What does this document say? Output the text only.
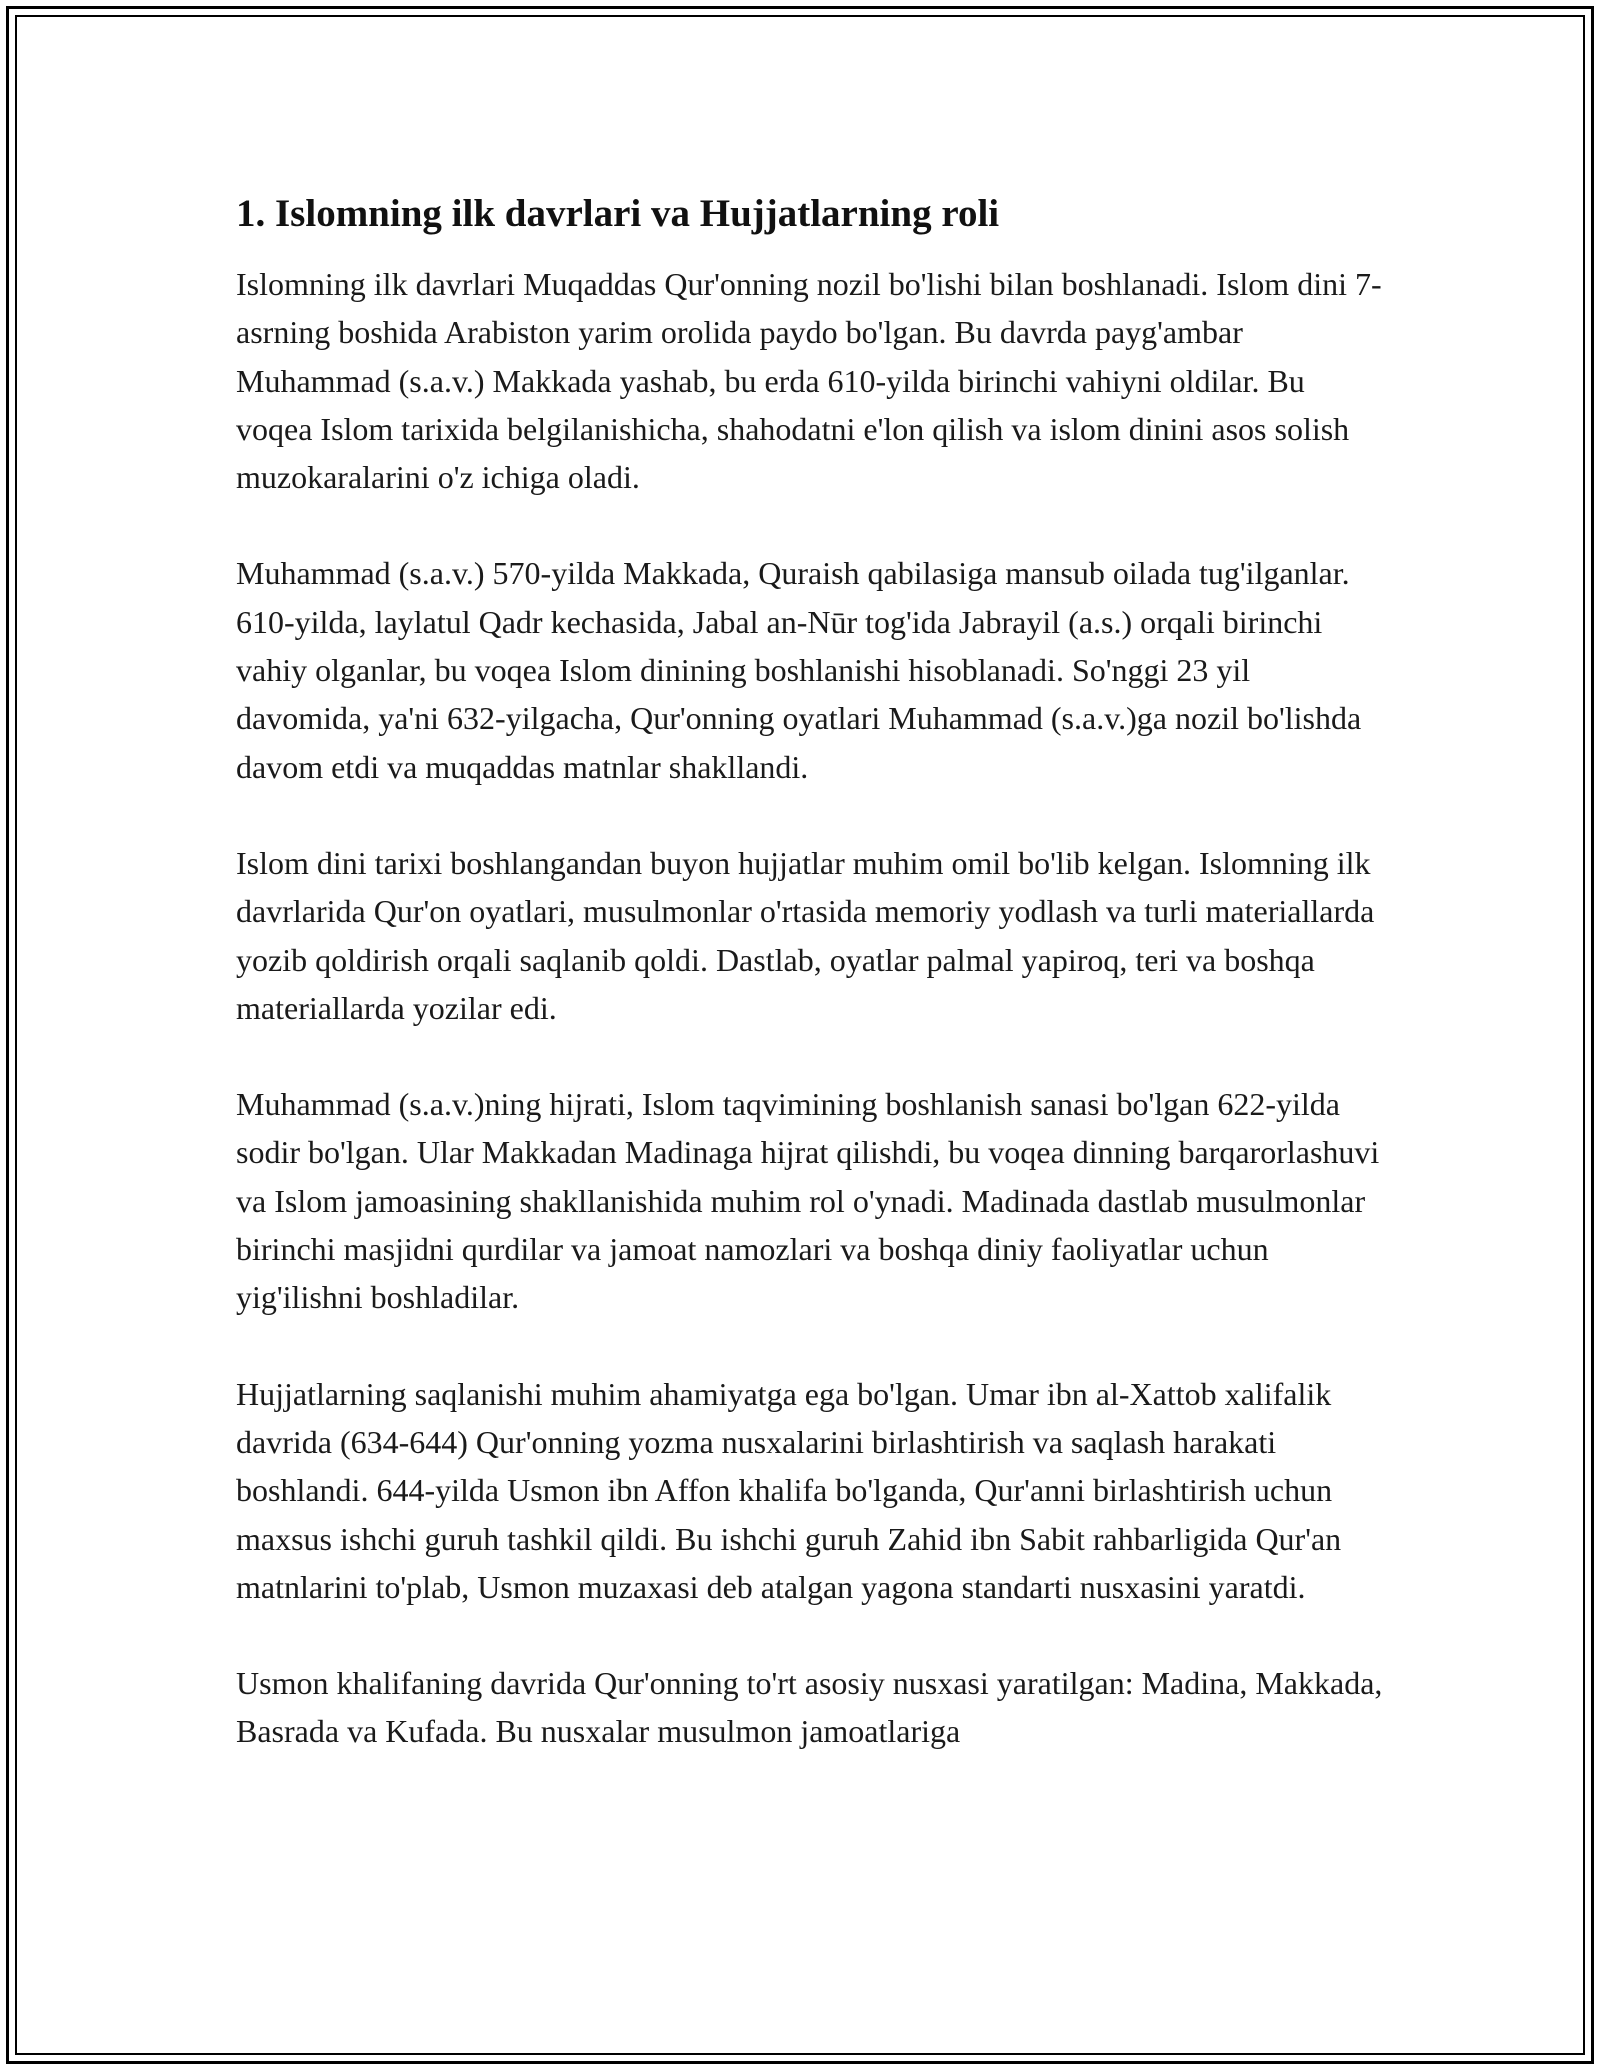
1. Islomning ilk davrlari va Hujjatlarning roli

Islomning ilk davrlari Muqaddas Qur'onning nozil bo'lishi bilan boshlanadi. Islom dini 7-asrning boshida Arabiston yarim orolida paydo bo'lgan. Bu davrda payg'ambar Muhammad (s.a.v.) Makkada yashab, bu erda 610-yilda birinchi vahiyni oldilar. Bu voqea Islom tarixida belgilanishicha, shahodatni e'lon qilish va islom dinini asos solish muzokaralarini o'z ichiga oladi.

Muhammad (s.a.v.) 570-yilda Makkada, Quraish qabilasiga mansub oilada tug'ilganlar. 610-yilda, laylatul Qadr kechasida, Jabal an-Nūr tog'ida Jabrayil (a.s.) orqali birinchi vahiy olganlar, bu voqea Islom dinining boshlanishi hisoblanadi. So'nggi 23 yil davomida, ya'ni 632-yilgacha, Qur'onning oyatlari Muhammad (s.a.v.)ga nozil bo'lishda davom etdi va muqaddas matnlar shakllandi.

Islom dini tarixi boshlangandan buyon hujjatlar muhim omil bo'lib kelgan. Islomning ilk davrlarida Qur'on oyatlari, musulmonlar o'rtasida memoriy yodlash va turli materiallarda yozib qoldirish orqali saqlanib qoldi. Dastlab, oyatlar palmal yapiroq, teri va boshqa materiallarda yozilar edi.

Muhammad (s.a.v.)ning hijrati, Islom taqvimining boshlanish sanasi bo'lgan 622-yilda sodir bo'lgan. Ular Makkadan Madinaga hijrat qilishdi, bu voqea dinning barqarorlashuvi va Islom jamoasining shakllanishida muhim rol o'ynadi. Madinada dastlab musulmonlar birinchi masjidni qurdilar va jamoat namozlari va boshqa diniy faoliyatlar uchun yig'ilishni boshladilar.

Hujjatlarning saqlanishi muhim ahamiyatga ega bo'lgan. Umar ibn al-Xattob xalifalik davrida (634-644) Qur'onning yozma nusxalarini birlashtirish va saqlash harakati boshlandi. 644-yilda Usmon ibn Affon khalifa bo'lganda, Qur'anni birlashtirish uchun maxsus ishchi guruh tashkil qildi. Bu ishchi guruh Zahid ibn Sabit rahbarligida Qur'an matnlarini to'plab, Usmon muzaxasi deb atalgan yagona standarti nusxasini yaratdi.

Usmon khalifaning davrida Qur'onning to'rt asosiy nusxasi yaratilgan: Madina, Makkada, Basrada va Kufada. Bu nusxalar musulmon jamoatlariga
